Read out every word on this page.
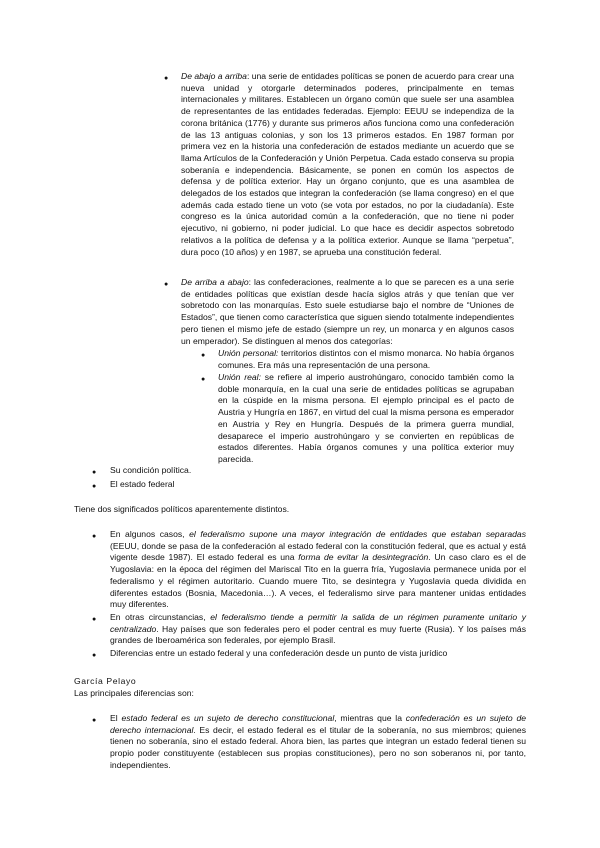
● De abajo a arriba: una serie de entidades políticas se ponen de acuerdo para crear una nueva unidad y otorgarle determinados poderes, principalmente en temas internacionales y militares. Establecen un órgano común que suele ser una asamblea de representantes de las entidades federadas. Ejemplo: EEUU se independiza de la corona británica (1776) y durante sus primeros años funciona como una confederación de las 13 antiguas colonias, y son los 13 primeros estados. En 1987 forman por primera vez en la historia una confederación de estados mediante un acuerdo que se llama Artículos de la Confederación y Unión Perpetua. Cada estado conserva su propia soberanía e independencia. Básicamente, se ponen en común los aspectos de defensa y de política exterior. Hay un órgano conjunto, que es una asamblea de delegados de los estados que integran la confederación (se llama congreso) en el que además cada estado tiene un voto (se vota por estados, no por la ciudadanía). Este congreso es la única autoridad común a la confederación, que no tiene ni poder ejecutivo, ni gobierno, ni poder judicial. Lo que hace es decidir aspectos sobretodo relativos a la política de defensa y a la política exterior. Aunque se llama “perpetua”, dura poco (10 años) y en 1987, se aprueba una constitución federal.
● De arriba a abajo: las confederaciones, realmente a lo que se parecen es a una serie de entidades políticas que existían desde hacía siglos atrás y que tenían que ver sobretodo con las monarquías. Esto suele estudiarse bajo el nombre de “Uniones de Estados”, que tienen como característica que siguen siendo totalmente independientes pero tienen el mismo jefe de estado (siempre un rey, un monarca y en algunos casos un emperador). Se distinguen al menos dos categorías:
● Unión personal: territorios distintos con el mismo monarca. No había órganos comunes. Era más una representación de una persona.
● Unión real: se refiere al imperio austrohúngaro, conocido también como la doble monarquía, en la cual una serie de entidades políticas se agrupaban en la cúspide en la misma persona. El ejemplo principal es el pacto de Austria y Hungría en 1867, en virtud del cual la misma persona es emperador en Austria y Rey en Hungría. Después de la primera guerra mundial, desaparece el imperio austrohúngaro y se convierten en repúblicas de estados diferentes. Había órganos comunes y una política exterior muy parecida.
● Su condición política.
● El estado federal
Tiene dos significados políticos aparentemente distintos.
● En algunos casos, el federalismo supone una mayor integración de entidades que estaban separadas (EEUU, donde se pasa de la confederación al estado federal con la constitución federal, que es actual y está vigente desde 1987). El estado federal es una forma de evitar la desintegración. Un caso claro es el de Yugoslavia: en la época del régimen del Mariscal Tito en la guerra fría, Yugoslavia permanece unida por el federalismo y el régimen autoritario. Cuando muere Tito, se desintegra y Yugoslavia queda dividida en diferentes estados (Bosnia, Macedonia…). A veces, el federalismo sirve para mantener unidas entidades muy diferentes.
● En otras circunstancias, el federalismo tiende a permitir la salida de un régimen puramente unitario y centralizado. Hay países que son federales pero el poder central es muy fuerte (Rusia). Y los países más grandes de Iberoamérica son federales, por ejemplo Brasil.
● Diferencias entre un estado federal y una confederación desde un punto de vista jurídico
García Pelayo
Las principales diferencias son:
● El estado federal es un sujeto de derecho constitucional, mientras que la confederación es un sujeto de derecho internacional. Es decir, el estado federal es el titular de la soberanía, no sus miembros; quienes tienen no soberanía, sino el estado federal. Ahora bien, las partes que integran un estado federal tienen su propio poder constituyente (establecen sus propias constituciones), pero no son soberanos ni, por tanto, independientes.
